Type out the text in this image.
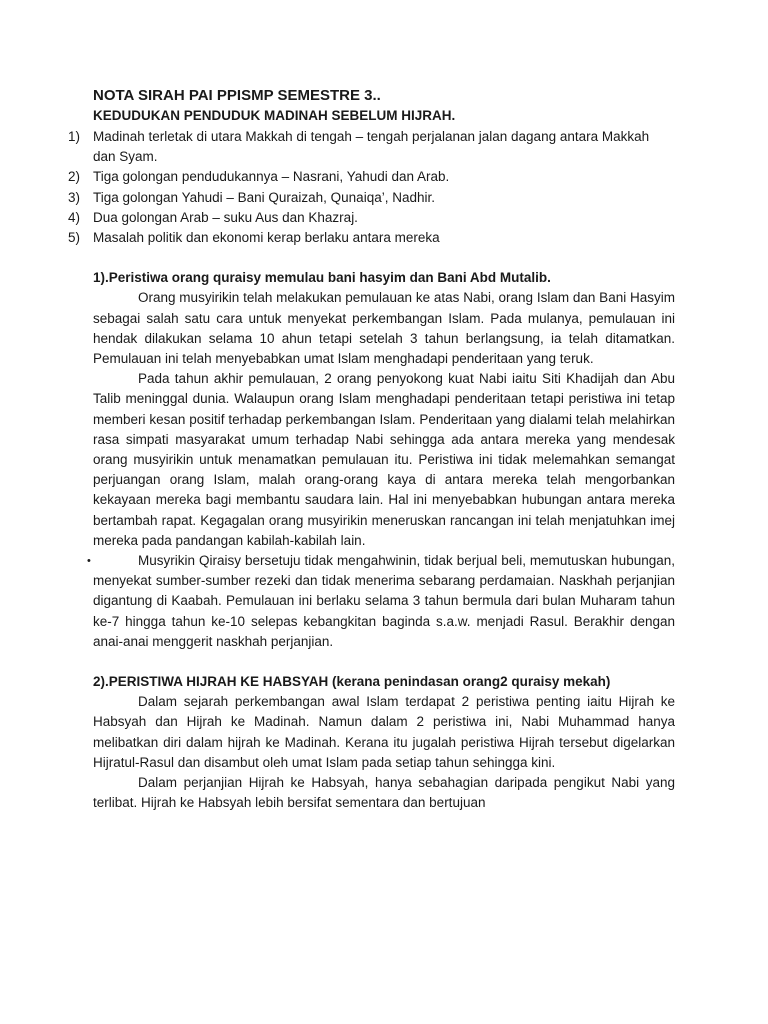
NOTA SIRAH PAI PPISMP SEMESTRE 3..
KEDUDUKAN PENDUDUK MADINAH SEBELUM HIJRAH.
1) Madinah terletak di utara Makkah di tengah – tengah perjalanan jalan dagang antara Makkah dan Syam.
2) Tiga golongan pendudukannya – Nasrani, Yahudi dan Arab.
3) Tiga golongan Yahudi – Bani Quraizah, Qunaiqa’, Nadhir.
4) Dua golongan Arab – suku Aus dan Khazraj.
5) Masalah politik dan ekonomi kerap berlaku antara mereka
1).Peristiwa orang quraisy memulau bani hasyim dan Bani Abd Mutalib.

Orang musyirikin telah melakukan pemulauan ke atas Nabi, orang Islam dan Bani Hasyim sebagai salah satu cara untuk menyekat perkembangan Islam. Pada mulanya, pemulauan ini hendak dilakukan selama 10 ahun tetapi setelah 3 tahun berlangsung, ia telah ditamatkan. Pemulauan ini telah menyebabkan umat Islam menghadapi penderitaan yang teruk.

Pada tahun akhir pemulauan, 2 orang penyokong kuat Nabi iaitu Siti Khadijah dan Abu Talib meninggal dunia. Walaupun orang Islam menghadapi penderitaan tetapi peristiwa ini tetap memberi kesan positif terhadap perkembangan Islam. Penderitaan yang dialami telah melahirkan rasa simpati masyarakat umum terhadap Nabi sehingga ada antara mereka yang mendesak orang musyirikin untuk menamatkan pemulauan itu. Peristiwa ini tidak melemahkan semangat perjuangan orang Islam, malah orang-orang kaya di antara mereka telah mengorbankan kekayaan mereka bagi membantu saudara lain. Hal ini menyebabkan hubungan antara mereka bertambah rapat. Kegagalan orang musyirikin meneruskan rancangan ini telah menjatuhkan imej mereka pada pandangan kabilah-kabilah lain.

•	Musyrikin Qiraisy bersetuju tidak mengahwinin, tidak berjual beli, memutuskan hubungan, menyekat sumber-sumber rezeki dan tidak menerima sebarang perdamaian. Naskhah perjanjian digantung di Kaabah. Pemulauan ini berlaku selama 3 tahun bermula dari bulan Muharam tahun ke-7 hingga tahun ke-10 selepas kebangkitan baginda s.a.w. menjadi Rasul. Berakhir dengan anai-anai menggerit naskhah perjanjian.

2).PERISTIWA HIJRAH KE HABSYAH (kerana penindasan orang2 quraisy mekah)

Dalam sejarah perkembangan awal Islam terdapat 2 peristiwa penting iaitu Hijrah ke Habsyah dan Hijrah ke Madinah. Namun dalam 2 peristiwa ini, Nabi Muhammad hanya melibatkan diri dalam hijrah ke Madinah. Kerana itu jugalah peristiwa Hijrah tersebut digelarkan Hijratul-Rasul dan disambut oleh umat Islam pada setiap tahun sehingga kini.

Dalam perjanjian Hijrah ke Habsyah, hanya sebahagian daripada pengikut Nabi yang terlibat. Hijrah ke Habsyah lebih bersifat sementara dan bertujuan
